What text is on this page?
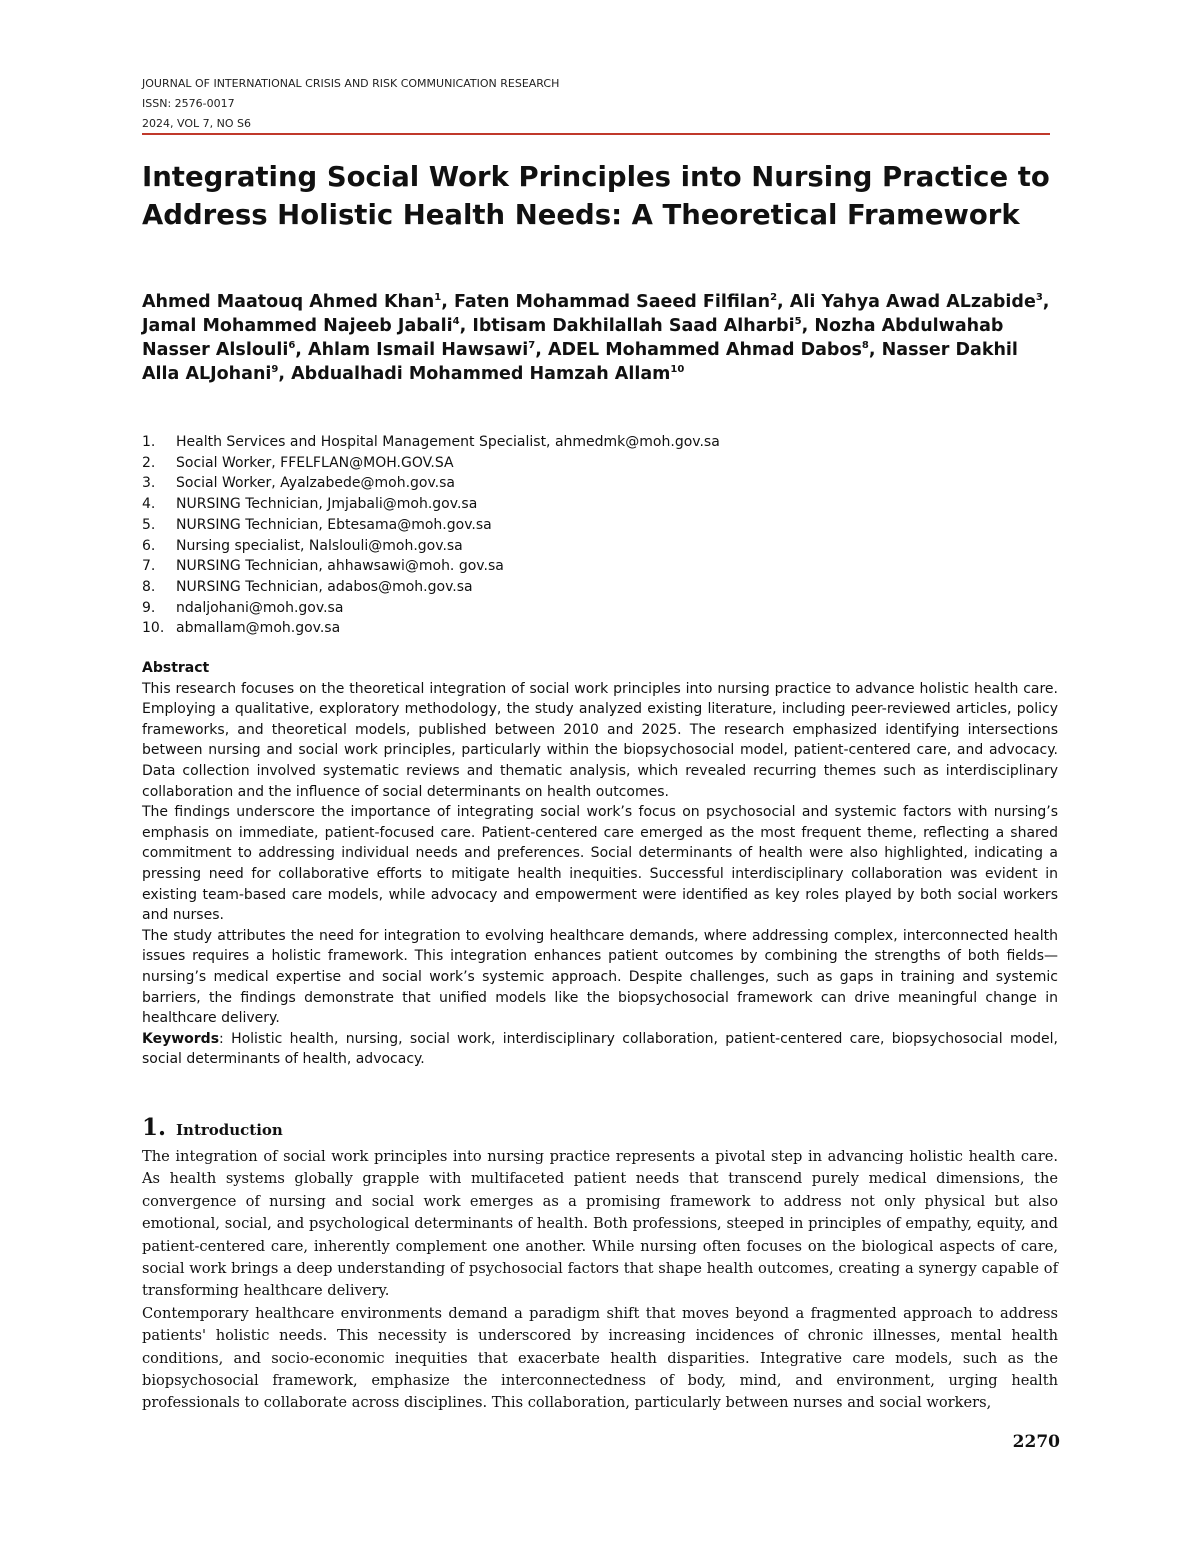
JOURNAL OF INTERNATIONAL CRISIS AND RISK COMMUNICATION RESEARCH
ISSN: 2576-0017
2024, VOL 7, NO S6
Integrating Social Work Principles into Nursing Practice to Address Holistic Health Needs: A Theoretical Framework
Ahmed Maatouq Ahmed Khan$^1$, Faten Mohammad Saeed Filfilan$^2$, Ali Yahya Awad ALzabide$^3$, Jamal Mohammed Najeeb Jabali$^4$, Ibtisam Dakhilallah Saad Alharbi$^5$, Nozha Abdulwahab Nasser Alslouli$^6$, Ahlam Ismail Hawsawi$^7$, ADEL Mohammed Ahmad Dabos$^8$, Nasser Dakhil Alla ALJohani$^9$, Abdualhadi Mohammed Hamzah Allam$^{10}$
1. Health Services and Hospital Management Specialist, ahmedmk@moh.gov.sa
2. Social Worker, FFELFLAN@MOH.GOV.SA
3. Social Worker, Ayalzabede@moh.gov.sa
4. NURSING Technician, Jmjabali@moh.gov.sa
5. NURSING Technician, Ebtesama@moh.gov.sa
6. Nursing specialist, Nalslouli@moh.gov.sa
7. NURSING Technician, ahhawsawi@moh. gov.sa
8. NURSING Technician, adabos@moh.gov.sa
9. ndaljohani@moh.gov.sa
10. abmallam@moh.gov.sa
Abstract

This research focuses on the theoretical integration of social work principles into nursing practice to advance holistic health care. Employing a qualitative, exploratory methodology, the study analyzed existing literature, including peer-reviewed articles, policy frameworks, and theoretical models, published between 2010 and 2025. The research emphasized identifying intersections between nursing and social work principles, particularly within the biopsychosocial model, patient-centered care, and advocacy. Data collection involved systematic reviews and thematic analysis, which revealed recurring themes such as interdisciplinary collaboration and the influence of social determinants on health outcomes.

The findings underscore the importance of integrating social work’s focus on psychosocial and systemic factors with nursing’s emphasis on immediate, patient-focused care. Patient-centered care emerged as the most frequent theme, reflecting a shared commitment to addressing individual needs and preferences. Social determinants of health were also highlighted, indicating a pressing need for collaborative efforts to mitigate health inequities. Successful interdisciplinary collaboration was evident in existing team-based care models, while advocacy and empowerment were identified as key roles played by both social workers and nurses.

The study attributes the need for integration to evolving healthcare demands, where addressing complex, interconnected health issues requires a holistic framework. This integration enhances patient outcomes by combining the strengths of both fields—nursing’s medical expertise and social work’s systemic approach. Despite challenges, such as gaps in training and systemic barriers, the findings demonstrate that unified models like the biopsychosocial framework can drive meaningful change in healthcare delivery.

Keywords: Holistic health, nursing, social work, interdisciplinary collaboration, patient-centered care, biopsychosocial model, social determinants of health, advocacy.

1. Introduction

The integration of social work principles into nursing practice represents a pivotal step in advancing holistic health care. As health systems globally grapple with multifaceted patient needs that transcend purely medical dimensions, the convergence of nursing and social work emerges as a promising framework to address not only physical but also emotional, social, and psychological determinants of health. Both professions, steeped in principles of empathy, equity, and patient-centered care, inherently complement one another. While nursing often focuses on the biological aspects of care, social work brings a deep understanding of psychosocial factors that shape health outcomes, creating a synergy capable of transforming healthcare delivery.

Contemporary healthcare environments demand a paradigm shift that moves beyond a fragmented approach to address patients' holistic needs. This necessity is underscored by increasing incidences of chronic illnesses, mental health conditions, and socio-economic inequities that exacerbate health disparities. Integrative care models, such as the biopsychosocial framework, emphasize the interconnectedness of body, mind, and environment, urging health professionals to collaborate across disciplines. This collaboration, particularly between nurses and social workers,

2270
